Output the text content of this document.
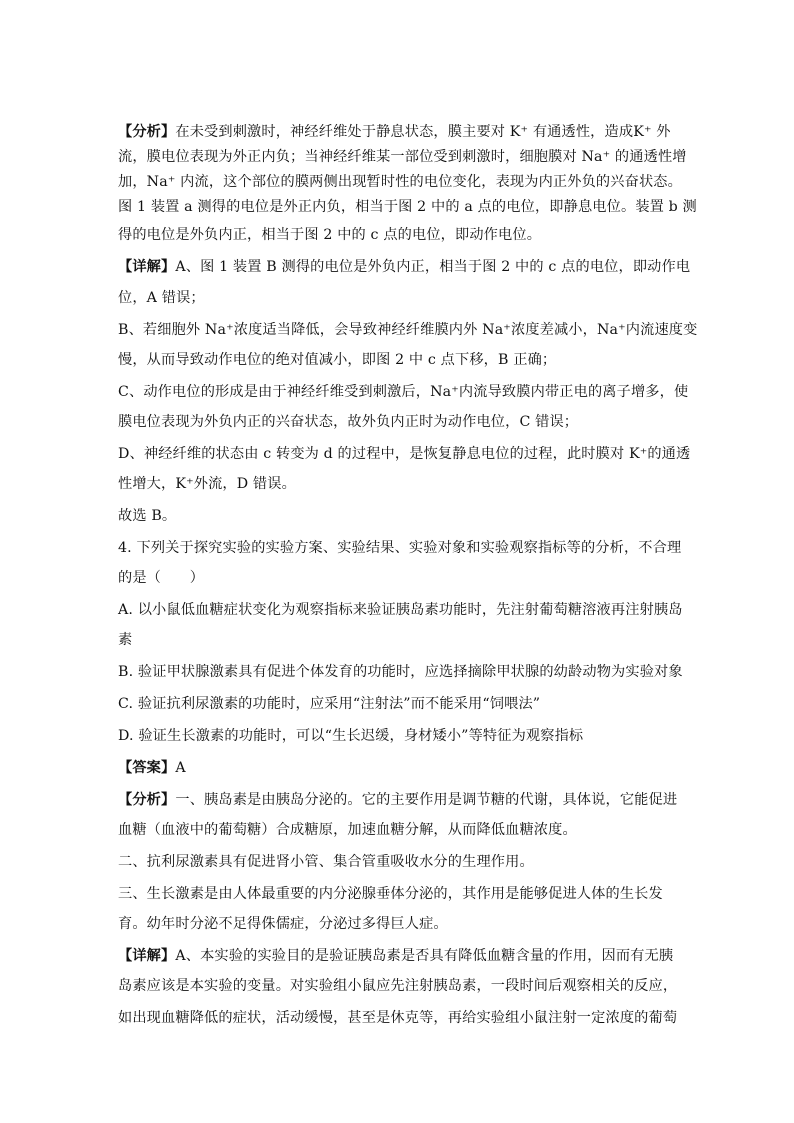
【分析】在未受到刺激时，神经纤维处于静息状态，膜主要对 K⁺ 有通透性，造成K⁺ 外
流，膜电位表现为外正内负；当神经纤维某一部位受到刺激时，细胞膜对 Na⁺ 的通透性增
加，Na⁺ 内流，这个部位的膜两侧出现暂时性的电位变化，表现为内正外负的兴奋状态。
图 1 装置 a 测得的电位是外正内负，相当于图 2 中的 a 点的电位，即静息电位。装置 b 测
得的电位是外负内正，相当于图 2 中的 c 点的电位，即动作电位。
【详解】A、图 1 装置 B 测得的电位是外负内正，相当于图 2 中的 c 点的电位，即动作电
位，A 错误；
B、若细胞外 Na⁺浓度适当降低，会导致神经纤维膜内外 Na⁺浓度差减小，Na⁺内流速度变
慢，从而导致动作电位的绝对值减小，即图 2 中 c 点下移，B 正确；
C、动作电位的形成是由于神经纤维受到刺激后，Na⁺内流导致膜内带正电的离子增多，使
膜电位表现为外负内正的兴奋状态，故外负内正时为动作电位，C 错误；
D、神经纤维的状态由 c 转变为 d 的过程中，是恢复静息电位的过程，此时膜对 K⁺的通透
性增大，K⁺外流，D 错误。
故选 B。
4. 下列关于探究实验的实验方案、实验结果、实验对象和实验观察指标等的分析，不合理
的是（　　）
A. 以小鼠低血糖症状变化为观察指标来验证胰岛素功能时，先注射葡萄糖溶液再注射胰岛
素
B. 验证甲状腺激素具有促进个体发育的功能时，应选择摘除甲状腺的幼龄动物为实验对象
C. 验证抗利尿激素的功能时，应采用“注射法”而不能采用“饲喂法”
D. 验证生长激素的功能时，可以“生长迟缓，身材矮小”等特征为观察指标
【答案】A
【分析】一、胰岛素是由胰岛分泌的。它的主要作用是调节糖的代谢，具体说，它能促进
血糖（血液中的葡萄糖）合成糖原，加速血糖分解，从而降低血糖浓度。
二、抗利尿激素具有促进肾小管、集合管重吸收水分的生理作用。
三、生长激素是由人体最重要的内分泌腺垂体分泌的，其作用是能够促进人体的生长发
育。幼年时分泌不足得侏儒症，分泌过多得巨人症。
【详解】A、本实验的实验目的是验证胰岛素是否具有降低血糖含量的作用，因而有无胰
岛素应该是本实验的变量。对实验组小鼠应先注射胰岛素，一段时间后观察相关的反应，
如出现血糖降低的症状，活动缓慢，甚至是休克等，再给实验组小鼠注射一定浓度的葡萄
